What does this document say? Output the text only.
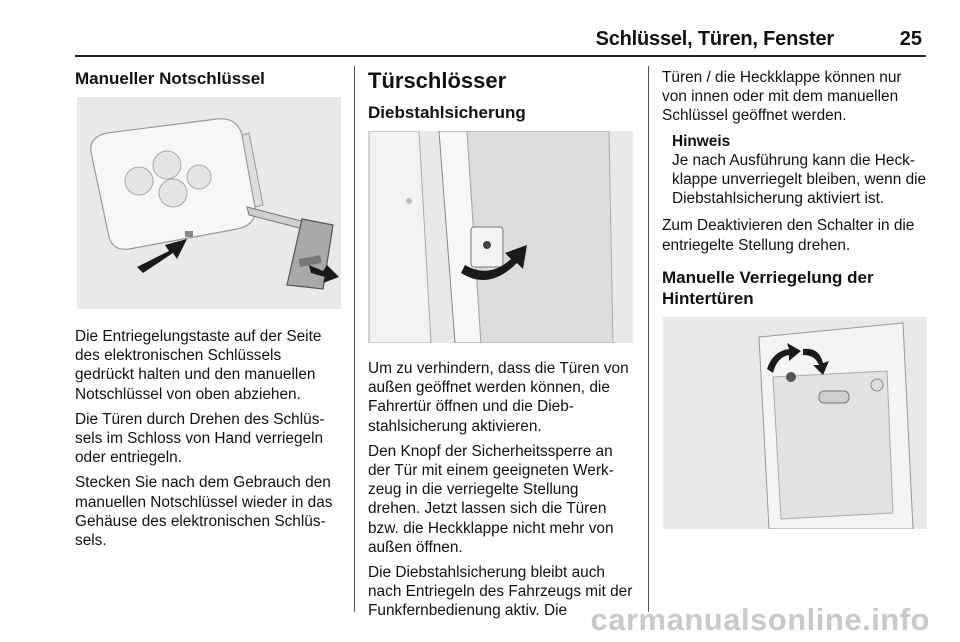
Schlüssel, Türen, Fenster	25
Manueller Notschlüssel

Die Entriegelungstaste auf der Seite des elektronischen Schlüssels gedrückt halten und den manuellen Notschlüssel von oben abziehen.

Die Türen durch Drehen des Schlüs-sels im Schloss von Hand verriegeln oder entriegeln.

Stecken Sie nach dem Gebrauch den manuellen Notschlüssel wieder in das Gehäuse des elektronischen Schlüs-sels.

Türschlösser
Diebstahlsicherung

Um zu verhindern, dass die Türen von außen geöffnet werden können, die Fahrertür öffnen und die Dieb-stahlsicherung aktivieren.

Den Knopf der Sicherheitssperre an der Tür mit einem geeigneten Werk-zeug in die verriegelte Stellung drehen. Jetzt lassen sich die Türen bzw. die Heckklappe nicht mehr von außen öffnen.

Die Diebstahlsicherung bleibt auch nach Entriegeln des Fahrzeugs mit der Funkfernbedienung aktiv. Die

Türen / die Heckklappe können nur von innen oder mit dem manuellen Schlüssel geöffnet werden.

Hinweis
Je nach Ausführung kann die Heck-klappe unverriegelt bleiben, wenn die Diebstahlsicherung aktiviert ist.

Zum Deaktivieren den Schalter in die entriegelte Stellung drehen.

Manuelle Verriegelung der Hintertüren
carmanualsonline.info
